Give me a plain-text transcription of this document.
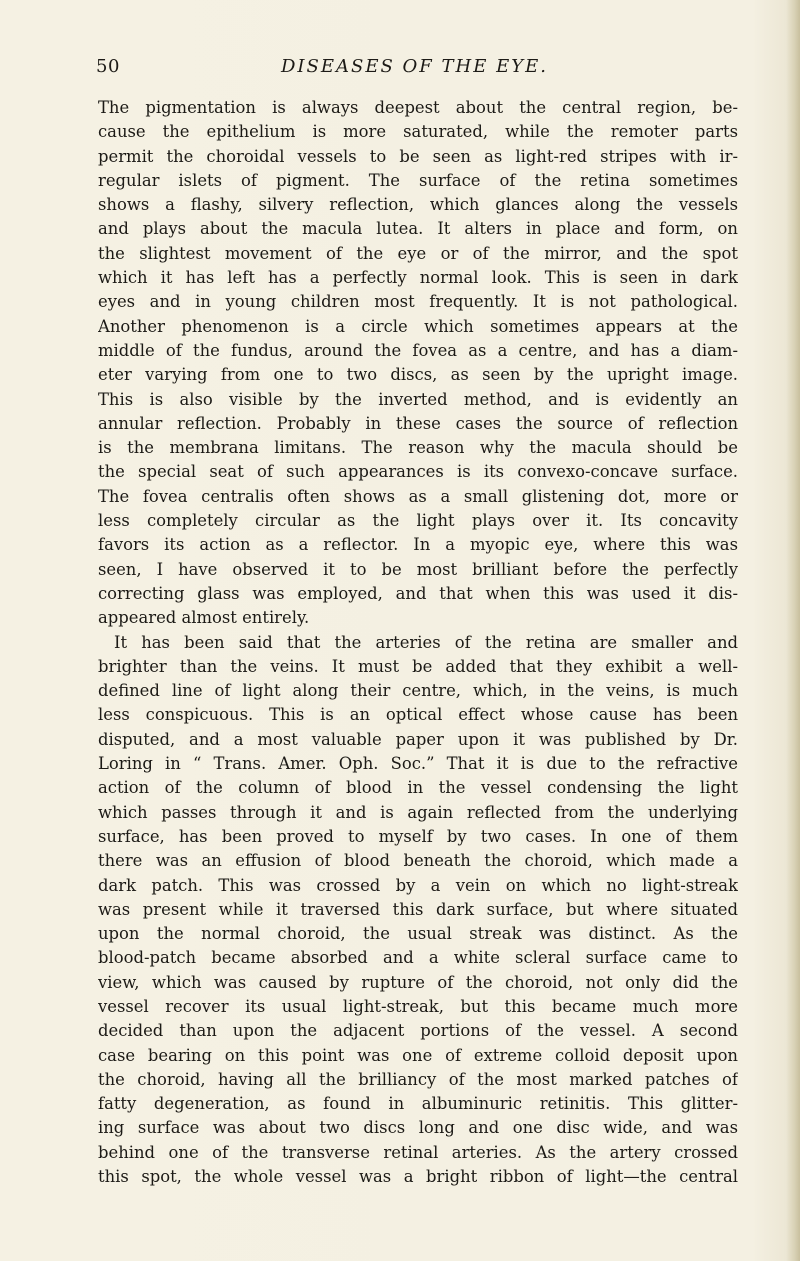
50	DISEASES OF THE EYE.
The pigmentation is always deepest about the central region, be-
cause the epithelium is more saturated, while the remoter parts
permit the choroidal vessels to be seen as light-red stripes with ir-
regular islets of pigment. The surface of the retina sometimes
shows a flashy, silvery reflection, which glances along the vessels
and plays about the macula lutea. It alters in place and form, on
the slightest movement of the eye or of the mirror, and the spot
which it has left has a perfectly normal look. This is seen in dark
eyes and in young children most frequently. It is not pathological.
Another phenomenon is a circle which sometimes appears at the
middle of the fundus, around the fovea as a centre, and has a diam-
eter varying from one to two discs, as seen by the upright image.
This is also visible by the inverted method, and is evidently an
annular reflection. Probably in these cases the source of reflection
is the membrana limitans. The reason why the macula should be
the special seat of such appearances is its convexo-concave surface.
The fovea centralis often shows as a small glistening dot, more or
less completely circular as the light plays over it. Its concavity
favors its action as a reflector. In a myopic eye, where this was
seen, I have observed it to be most brilliant before the perfectly
correcting glass was employed, and that when this was used it dis-
appeared almost entirely.
It has been said that the arteries of the retina are smaller and
brighter than the veins. It must be added that they exhibit a well-
defined line of light along their centre, which, in the veins, is much
less conspicuous. This is an optical effect whose cause has been
disputed, and a most valuable paper upon it was published by Dr.
Loring in “ Trans. Amer. Oph. Soc.” That it is due to the refractive
action of the column of blood in the vessel condensing the light
which passes through it and is again reflected from the underlying
surface, has been proved to myself by two cases. In one of them
there was an effusion of blood beneath the choroid, which made a
dark patch. This was crossed by a vein on which no light-streak
was present while it traversed this dark surface, but where situated
upon the normal choroid, the usual streak was distinct. As the
blood-patch became absorbed and a white scleral surface came to
view, which was caused by rupture of the choroid, not only did the
vessel recover its usual light-streak, but this became much more
decided than upon the adjacent portions of the vessel. A second
case bearing on this point was one of extreme colloid deposit upon
the choroid, having all the brilliancy of the most marked patches of
fatty degeneration, as found in albuminuric retinitis. This glitter-
ing surface was about two discs long and one disc wide, and was
behind one of the transverse retinal arteries. As the artery crossed
this spot, the whole vessel was a bright ribbon of light—the central
